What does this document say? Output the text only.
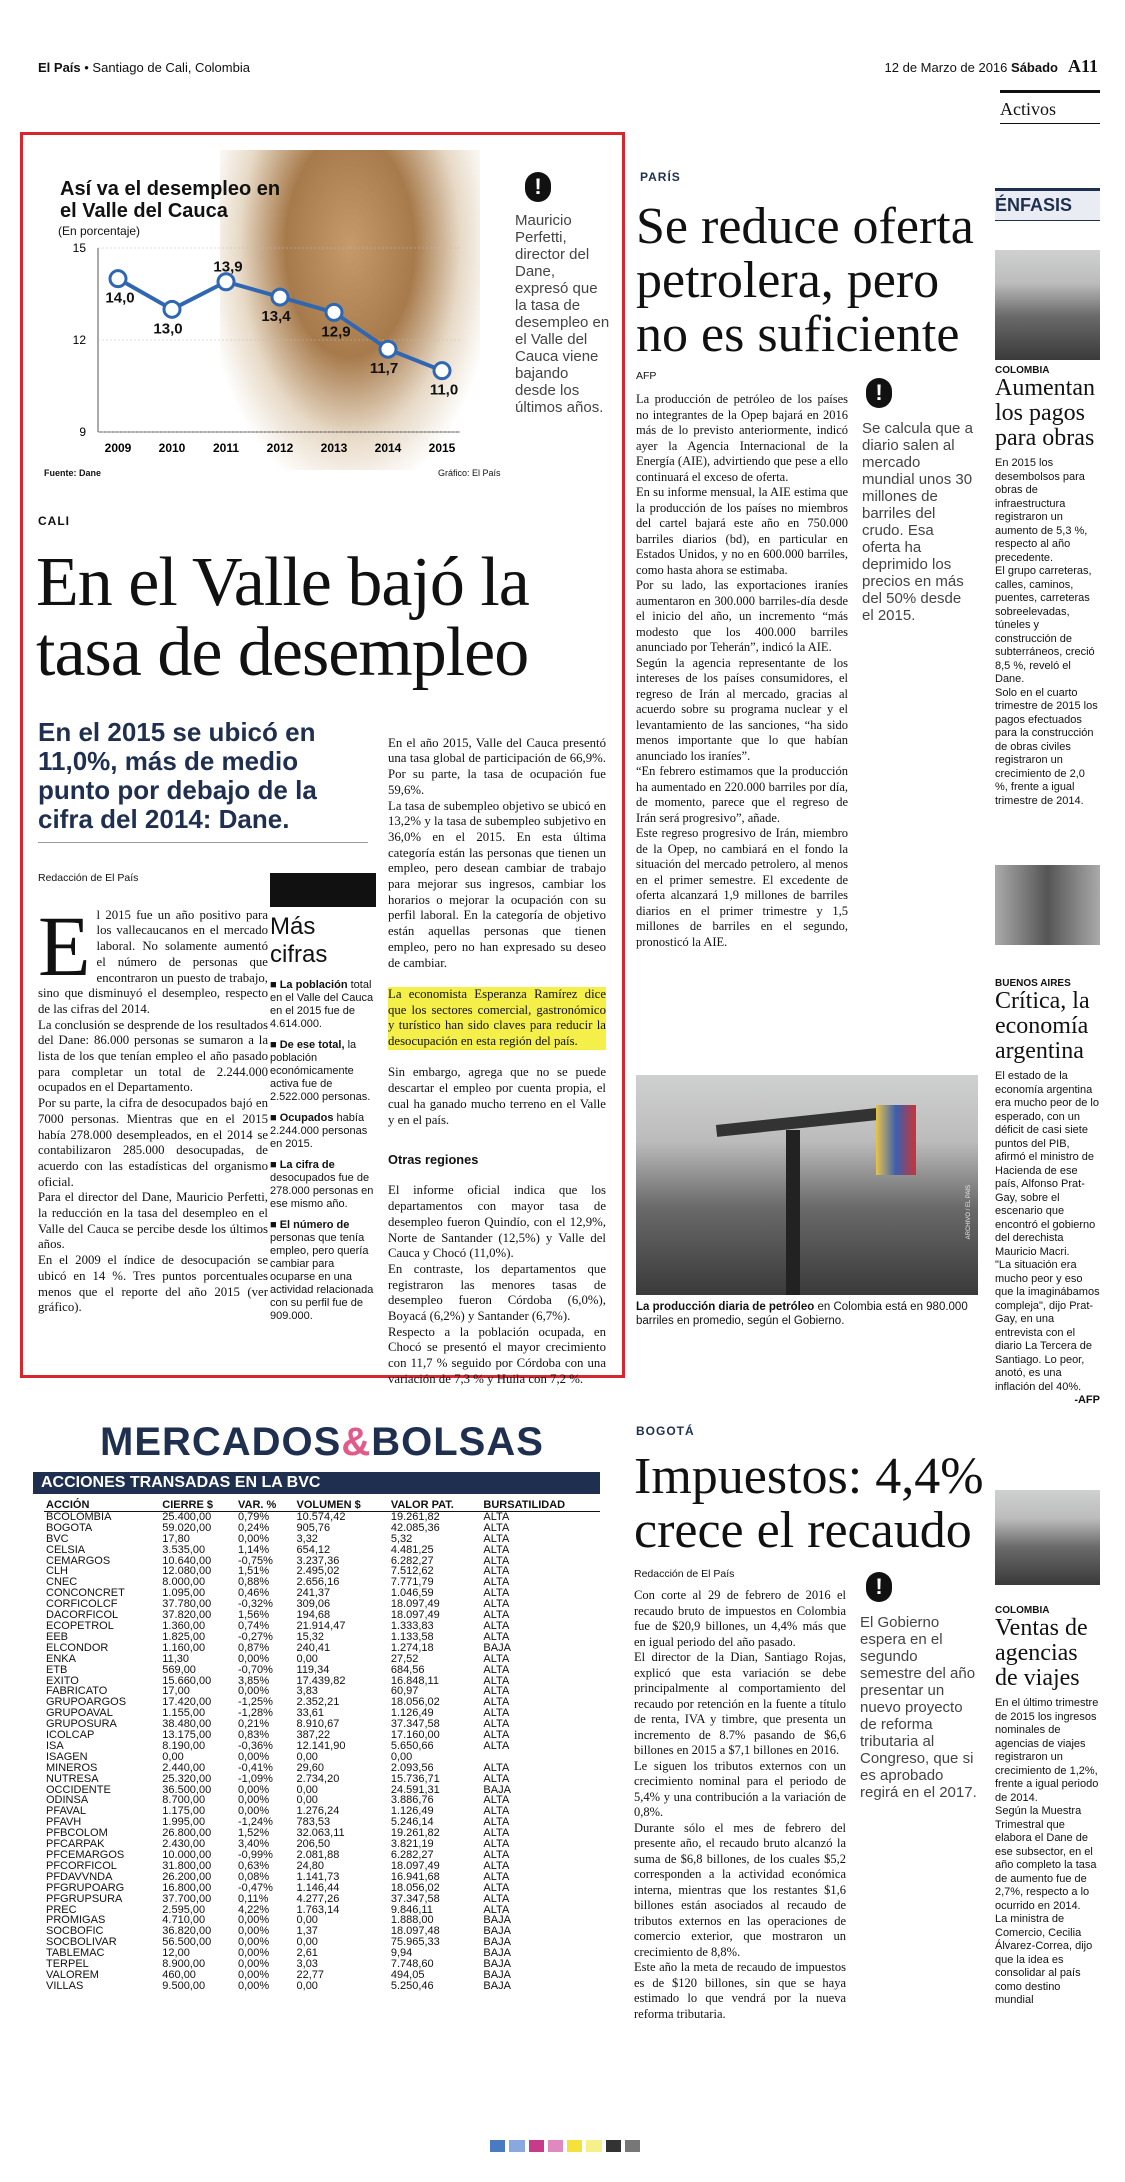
El País • Santiago de Cali, Colombia	12 de Marzo de 2016 Sábado A11
Activos
Así va el desempleo en el Valle del Cauca
(En porcentaje)
15
12
9
14,0
2009
13,0
2010
13,9
2011
13,4
2012
12,9
2013
11,7
2014
11,0
2015
Fuente: Dane	Gráfico: El País
!
Mauricio Perfetti, director del Dane, expresó que la tasa de desempleo en el Valle del Cauca viene bajando desde los últimos años.
CALI
En el Valle bajó la tasa de desempleo
En el 2015 se ubicó en 11,0%, más de medio punto por debajo de la cifra del 2014: Dane.
Redacción de El País

El 2015 fue un año positivo para los vallecaucanos en el mercado laboral. No solamente aumentó el número de personas que encontraron un puesto de trabajo, sino que disminuyó el desempleo, respecto de las cifras del 2014.
La conclusión se desprende de los resultados del Dane: 86.000 personas se sumaron a la lista de los que tenían empleo el año pasado para completar un total de 2.244.000 ocupados en el Departamento.
Por su parte, la cifra de desocupados bajó en 7000 personas. Mientras que en el 2015 había 278.000 desempleados, en el 2014 se contabilizaron 285.000 desocupadas, de acuerdo con las estadísticas del organismo oficial.
Para el director del Dane, Mauricio Perfetti, la reducción en la tasa del desempleo en el Valle del Cauca se percibe desde los últimos años.
En el 2009 el índice de desocupación se ubicó en 14 %. Tres puntos porcentuales menos que el reporte del año 2015 (ver gráfico).

Más cifras
■ La población total en el Valle del Cauca en el 2015 fue de 4.614.000.
■ De ese total, la población económicamente activa fue de 2.522.000 personas.
■ Ocupados había 2.244.000 personas en 2015.
■ La cifra de desocupados fue de 278.000 personas en ese mismo año.
■ El número de personas que tenía empleo, pero quería cambiar para ocuparse en una actividad relacionada con su perfil fue de 909.000.

En el año 2015, Valle del Cauca presentó una tasa global de participación de 66,9%. Por su parte, la tasa de ocupación fue 59,6%.
La tasa de subempleo objetivo se ubicó en 13,2% y la tasa de subempleo subjetivo en 36,0% en el 2015. En esta última categoría están las personas que tienen un empleo, pero desean cambiar de trabajo para mejorar sus ingresos, cambiar los horarios o mejorar la ocupación con su perfil laboral. En la categoría de objetivo están aquellas personas que tienen empleo, pero no han expresado su deseo de cambiar.

La economista Esperanza Ramírez dice que los sectores comercial, gastronómico y turístico han sido claves para reducir la desocupación en esta región del país.

Sin embargo, agrega que no se puede descartar el empleo por cuenta propia, el cual ha ganado mucho terreno en el Valle y en el país.

Otras regiones

El informe oficial indica que los departamentos con mayor tasa de desempleo fueron Quindío, con el 12,9%, Norte de Santander (12,5%) y Valle del Cauca y Chocó (11,0%).
En contraste, los departamentos que registraron las menores tasas de desempleo fueron Córdoba (6,0%), Boyacá (6,2%) y Santander (6,7%).
Respecto a la población ocupada, en Chocó se presentó el mayor crecimiento con 11,7 % seguido por Córdoba con una variación de 7,3 % y Huila con 7,2 %.

PARÍS
Se reduce oferta petrolera, pero no es suficiente
AFP
La producción de petróleo de los países no integrantes de la Opep bajará en 2016 más de lo previsto anteriormente, indicó ayer la Agencia Internacional de la Energía (AIE), advirtiendo que pese a ello continuará el exceso de oferta.
En su informe mensual, la AIE estima que la producción de los países no miembros del cartel bajará este año en 750.000 barriles diarios (bd), en particular en Estados Unidos, y no en 600.000 barriles, como hasta ahora se estimaba.
Por su lado, las exportaciones iraníes aumentaron en 300.000 barriles-día desde el inicio del año, un incremento “más modesto que los 400.000 barriles anunciado por Teherán”, indicó la AIE.
Según la agencia representante de los intereses de los países consumidores, el regreso de Irán al mercado, gracias al acuerdo sobre su programa nuclear y el levantamiento de las sanciones, “ha sido menos importante que lo que habían anunciado los iraníes”.
“En febrero estimamos que la producción ha aumentado en 220.000 barriles por día, de momento, parece que el regreso de Irán será progresivo”, añade.
Este regreso progresivo de Irán, miembro de la Opep, no cambiará en el fondo la situación del mercado petrolero, al menos en el primer semestre. El excedente de oferta alcanzará 1,9 millones de barriles diarios en el primer trimestre y 1,5 millones de barriles en el segundo, pronosticó la AIE.
!
Se calcula que a diario salen al mercado mundial unos 30 millones de barriles del crudo. Esa oferta ha deprimido los precios en más del 50% desde el 2015.
ARCHIVO / EL PAÍS
La producción diaria de petróleo en Colombia está en 980.000 barriles en promedio, según el Gobierno.
BOGOTÁ
Impuestos: 4,4% crece el recaudo
Redacción de El País
Con corte al 29 de febrero de 2016 el recaudo bruto de impuestos en Colombia fue de $20,9 billones, un 4,4% más que en igual periodo del año pasado.
El director de la Dian, Santiago Rojas, explicó que esta variación se debe principalmente al comportamiento del recaudo por retención en la fuente a título de renta, IVA y timbre, que presenta un incremento de 8.7% pasando de $6,6 billones en 2015 a $7,1 billones en 2016.
Le siguen los tributos externos con un crecimiento nominal para el periodo de 5,4% y una contribución a la variación de 0,8%.
Durante sólo el mes de febrero del presente año, el recaudo bruto alcanzó la suma de $6,8 billones, de los cuales $5,2 corresponden a la actividad económica interna, mientras que los restantes $1,6 billones están asociados al recaudo de tributos externos en las operaciones de comercio exterior, que mostraron un crecimiento de 8,8%.
Este año la meta de recaudo de impuestos es de $120 billones, sin que se haya estimado lo que vendrá por la nueva reforma tributaria.
!
El Gobierno espera en el segundo semestre del año presentar un nuevo proyecto de reforma tributaria al Congreso, que si es aprobado regirá en el 2017.
ÉNFASIS
COLOMBIA
Aumentan los pagos para obras
En 2015 los desembolsos para obras de infraestructura registraron un aumento de 5,3 %, respecto al año precedente.
El grupo carreteras, calles, caminos, puentes, carreteras sobreelevadas, túneles y construcción de subterráneos, creció 8,5 %, reveló el Dane.
Solo en el cuarto trimestre de 2015 los pagos efectuados para la construcción de obras civiles registraron un crecimiento de 2,0 %, frente a igual trimestre de 2014.
BUENOS AIRES
Crítica, la economía argentina
El estado de la economía argentina era mucho peor de lo esperado, con un déficit de casi siete puntos del PIB, afirmó el ministro de Hacienda de ese país, Alfonso Prat-Gay, sobre el escenario que encontró el gobierno del derechista Mauricio Macri.
"La situación era mucho peor y eso que la imaginábamos compleja", dijo Prat-Gay, en una entrevista con el diario La Tercera de Santiago. Lo peor, anotó, es una inflación del 40%.
-AFP
COLOMBIA
Ventas de agencias de viajes
En el último trimestre de 2015 los ingresos nominales de agencias de viajes registraron un crecimiento de 1,2%, frente a igual periodo de 2014.
Según la Muestra Trimestral que elabora el Dane de ese subsector, en el año completo la tasa de aumento fue de 2,7%, respecto a lo ocurrido en 2014.
La ministra de Comercio, Cecilia Álvarez-Correa, dijo que la idea es consolidar al país como destino mundial
MERCADOS&BOLSAS
ACCIONES TRANSADAS EN LA BVC
ACCIÓN	CIERRE $	VAR. %	VOLUMEN $	VALOR PAT.	BURSATILIDAD
BCOLOMBIA	25.400,00	0,79%	10.574,42	19.261,82	ALTA
BOGOTA	59.020,00	0,24%	905,76	42.085,36	ALTA
BVC	17,80	0,00%	3,32	5,32	ALTA
CELSIA	3.535,00	1,14%	654,12	4.481,25	ALTA
CEMARGOS	10.640,00	-0,75%	3.237,36	6.282,27	ALTA
CLH	12.080,00	1,51%	2.495,02	7.512,62	ALTA
CNEC	8.000,00	0,88%	2.656,16	7.771,79	ALTA
CONCONCRET	1.095,00	0,46%	241,37	1.046,59	ALTA
CORFICOLCF	37.780,00	-0,32%	309,06	18.097,49	ALTA
DACORFICOL	37.820,00	1,56%	194,68	18.097,49	ALTA
ECOPETROL	1.360,00	0,74%	21.914,47	1.333,83	ALTA
EEB	1.825,00	-0,27%	15,32	1.133,58	ALTA
ELCONDOR	1.160,00	0,87%	240,41	1.274,18	BAJA
ENKA	11,30	0,00%	0,00	27,52	ALTA
ETB	569,00	-0,70%	119,34	684,56	ALTA
EXITO	15.660,00	3,85%	17.439,82	16.848,11	ALTA
FABRICATO	17,00	0,00%	3,83	60,97	ALTA
GRUPOARGOS	17.420,00	-1,25%	2.352,21	18.056,02	ALTA
GRUPOAVAL	1.155,00	-1,28%	33,61	1.126,49	ALTA
GRUPOSURA	38.480,00	0,21%	8.910,67	37.347,58	ALTA
ICOLCAP	13.175,00	0,83%	387,22	17.160,00	ALTA
ISA	8.190,00	-0,36%	12.141,90	5.650,66	ALTA
ISAGEN	0,00	0,00%	0,00	0,00	
MINEROS	2.440,00	-0,41%	29,60	2.093,56	ALTA
NUTRESA	25.320,00	-1,09%	2.734,20	15.736,71	ALTA
OCCIDENTE	36.500,00	0,00%	0,00	24.591,31	BAJA
ODINSA	8.700,00	0,00%	0,00	3.886,76	ALTA
PFAVAL	1.175,00	0,00%	1.276,24	1.126,49	ALTA
PFAVH	1.995,00	-1,24%	783,53	5.246,14	ALTA
PFBCOLOM	26.800,00	1,52%	32.063,11	19.261,82	ALTA
PFCARPAK	2.430,00	3,40%	206,50	3.821,19	ALTA
PFCEMARGOS	10.000,00	-0,99%	2.081,88	6.282,27	ALTA
PFCORFICOL	31.800,00	0,63%	24,80	18.097,49	ALTA
PFDAVVNDA	26.200,00	0,08%	1.141,73	16.941,68	ALTA
PFGRUPOARG	16.800,00	-0,47%	1.146,44	18.056,02	ALTA
PFGRUPSURA	37.700,00	0,11%	4.277,26	37.347,58	ALTA
PREC	2.595,00	4,22%	1.763,14	9.846,11	ALTA
PROMIGAS	4.710,00	0,00%	0,00	1.888,00	BAJA
SOCBOFIC	36.820,00	0,00%	1,37	18.097,48	BAJA
SOCBOLIVAR	56.500,00	0,00%	0,00	75.965,33	BAJA
TABLEMAC	12,00	0,00%	2,61	9,94	BAJA
TERPEL	8.900,00	0,00%	3,03	7.748,60	BAJA
VALOREM	460,00	0,00%	22,77	494,05	BAJA
VILLAS	9.500,00	0,00%	0,00	5.250,46	BAJA
